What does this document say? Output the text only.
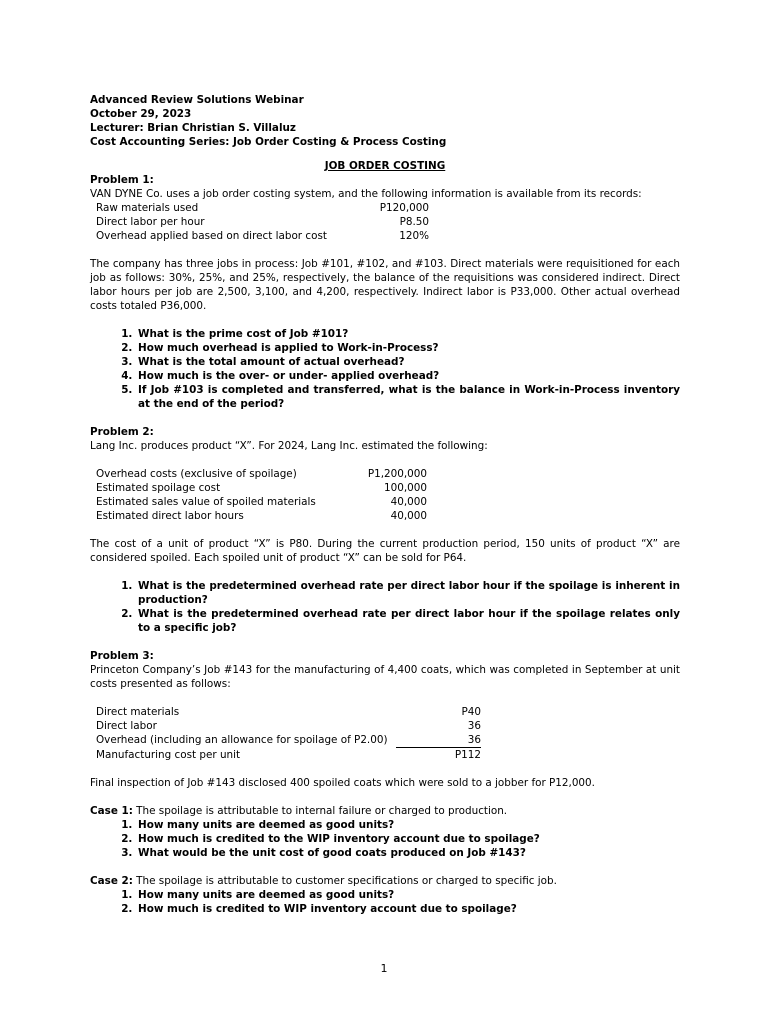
Advanced Review Solutions Webinar
October 29, 2023
Lecturer: Brian Christian S. Villaluz
Cost Accounting Series: Job Order Costing & Process Costing
JOB ORDER COSTING
Problem 1:

VAN DYNE Co. uses a job order costing system, and the following information is available from its records:

Raw materials used	P120,000
Direct labor per hour	P8.50
Overhead applied based on direct labor cost	120%

The company has three jobs in process: Job #101, #102, and #103. Direct materials were requisitioned for each job as follows: 30%, 25%, and 25%, respectively, the balance of the requisitions was considered indirect. Direct labor hours per job are 2,500, 3,100, and 4,200, respectively. Indirect labor is P33,000. Other actual overhead costs totaled P36,000.

1. What is the prime cost of Job #101?
2. How much overhead is applied to Work-in-Process?
3. What is the total amount of actual overhead?
4. How much is the over- or under- applied overhead?
5. If Job #103 is completed and transferred, what is the balance in Work-in-Process inventory at the end of the period?
Problem 2:

Lang Inc. produces product “X”. For 2024, Lang Inc. estimated the following:

Overhead costs (exclusive of spoilage)	P1,200,000
Estimated spoilage cost	100,000
Estimated sales value of spoiled materials	40,000
Estimated direct labor hours	40,000

The cost of a unit of product “X” is P80. During the current production period, 150 units of product “X” are considered spoiled. Each spoiled unit of product “X” can be sold for P64.

1. What is the predetermined overhead rate per direct labor hour if the spoilage is inherent in production?
2. What is the predetermined overhead rate per direct labor hour if the spoilage relates only to a specific job?
Problem 3:

Princeton Company’s Job #143 for the manufacturing of 4,400 coats, which was completed in September at unit costs presented as follows:

Direct materials	P40
Direct labor	36
Overhead (including an allowance for spoilage of P2.00)	36
Manufacturing cost per unit	P112

Final inspection of Job #143 disclosed 400 spoiled coats which were sold to a jobber for P12,000.

Case 1: The spoilage is attributable to internal failure or charged to production.
1. How many units are deemed as good units?
2. How much is credited to the WIP inventory account due to spoilage?
3. What would be the unit cost of good coats produced on Job #143?
Case 2: The spoilage is attributable to customer specifications or charged to specific job.
1. How many units are deemed as good units?
2. How much is credited to WIP inventory account due to spoilage?
1
